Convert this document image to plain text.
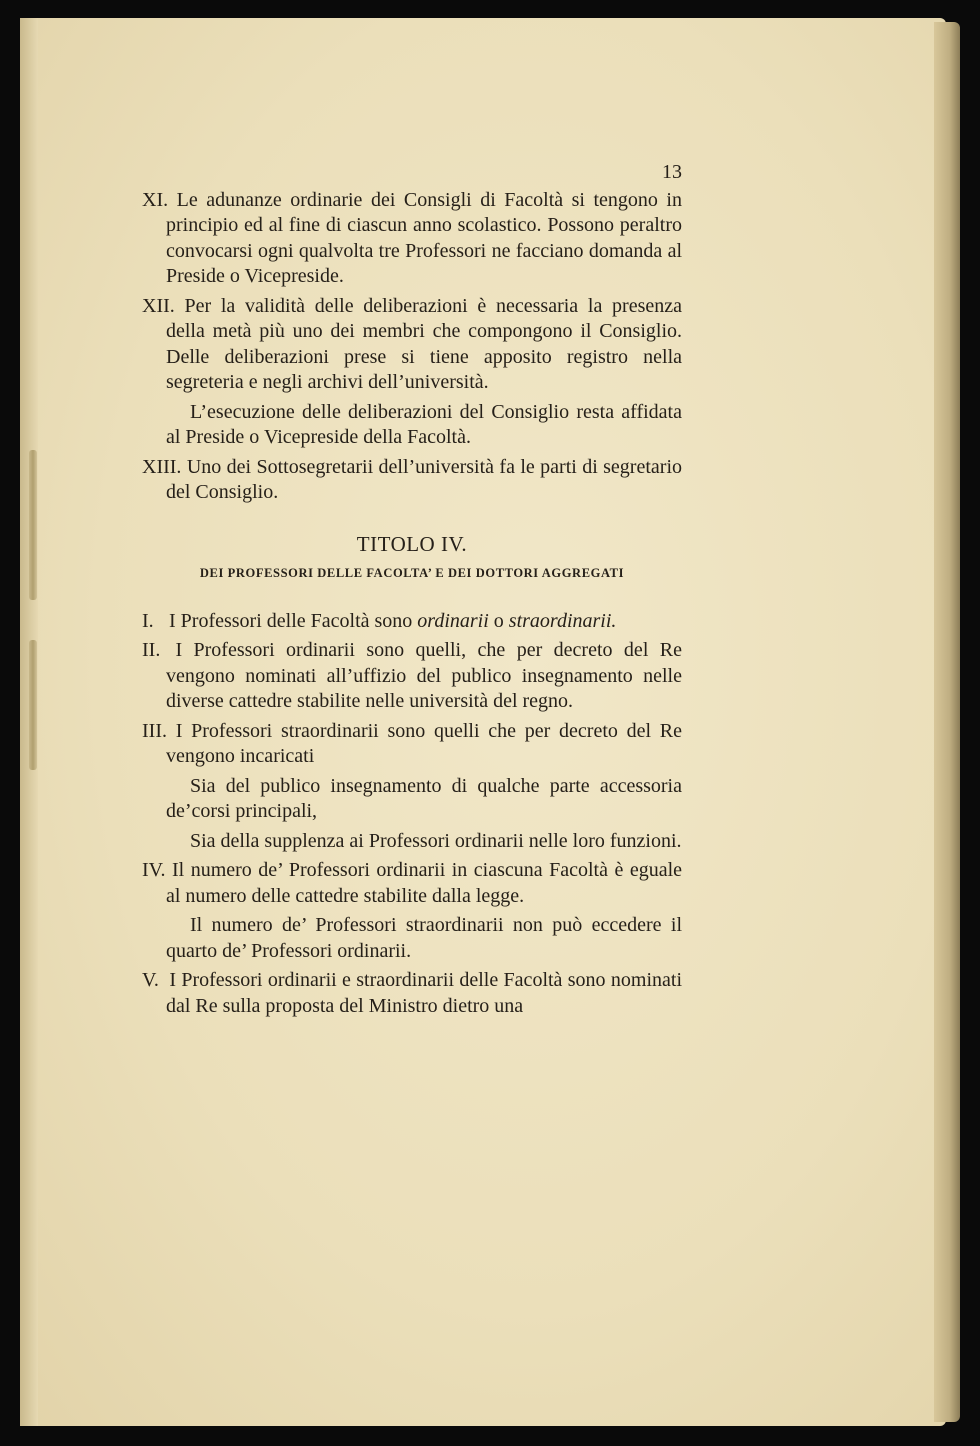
13

XI. Le adunanze ordinarie dei Consigli di Facoltà si tengono in principio ed al fine di ciascun anno scolastico. Possono peraltro convocarsi ogni qualvolta tre Professori ne facciano domanda al Preside o Vicepreside.

XII. Per la validità delle deliberazioni è necessaria la presenza della metà più uno dei membri che compongono il Consiglio. Delle deliberazioni prese si tiene apposito registro nella segreteria e negli archivi dell’università.

L’esecuzione delle deliberazioni del Consiglio resta affidata al Preside o Vicepreside della Facoltà.

XIII. Uno dei Sottosegretarii dell’università fa le parti di segretario del Consiglio.

TITOLO IV.
DEI PROFESSORI DELLE FACOLTA’ E DEI DOTTORI AGGREGATI

I. I Professori delle Facoltà sono ordinarii o straordinarii.

II. I Professori ordinarii sono quelli, che per decreto del Re vengono nominati all’uffizio del publico insegnamento nelle diverse cattedre stabilite nelle università del regno.

III. I Professori straordinarii sono quelli che per decreto del Re vengono incaricati

Sia del publico insegnamento di qualche parte accessoria de’corsi principali,

Sia della supplenza ai Professori ordinarii nelle loro funzioni.

IV. Il numero de’ Professori ordinarii in ciascuna Facoltà è eguale al numero delle cattedre stabilite dalla legge.

Il numero de’ Professori straordinarii non può eccedere il quarto de’ Professori ordinarii.

V. I Professori ordinarii e straordinarii delle Facoltà sono nominati dal Re sulla proposta del Ministro dietro una
